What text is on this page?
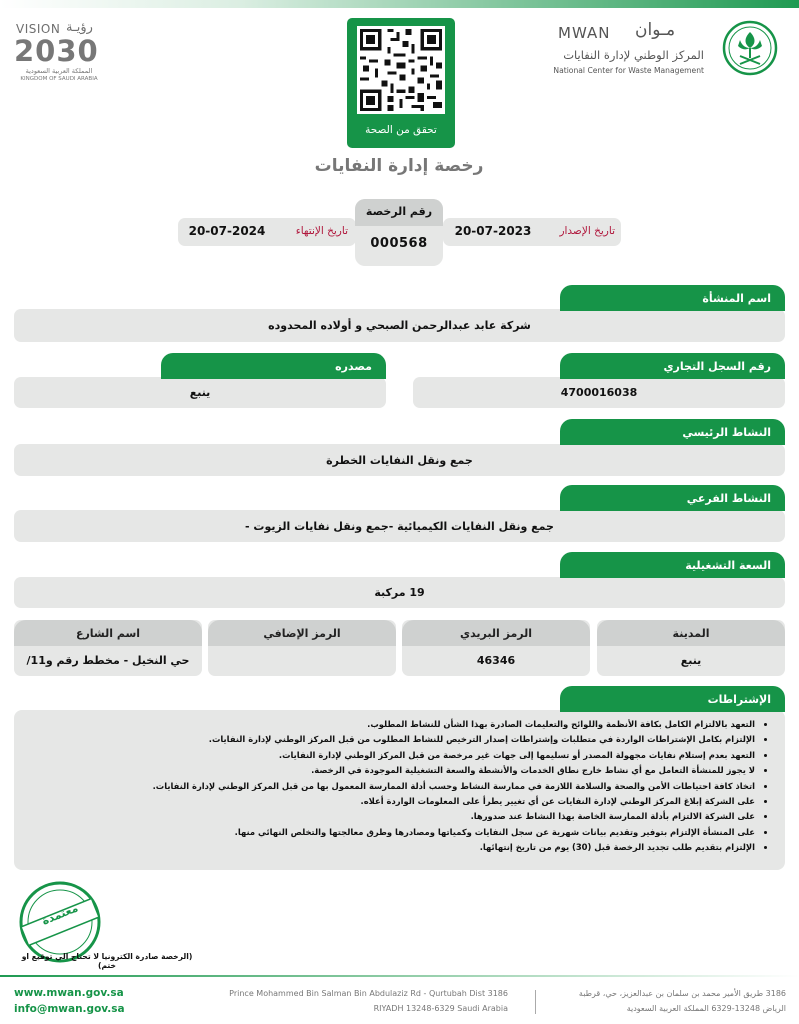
VISION رؤيـة
2030
المملكة العربية السعودية
KINGDOM OF SAUDI ARABIA
تحقق من الصحة
MWAN مـوان
المركز الوطني لإدارة النفايات
National Center for Waste Management
رخصة إدارة النفايات
تاريخ الإصدار
20-07-2023
تاريخ الإنتهاء
20-07-2024
رقم الرخصة
000568
شركة عابد عبدالرحمن الصبحي و أولاده المحدوده
اسم المنشأة
4700016038
رقم السجل التجاري
ينبع
مصدره
جمع ونقل النفايات الخطرة
النشاط الرئيسي
جمع ونقل النفايات الكيميائية -جمع ونقل نفايات الزيوت -
النشاط الفرعي
19 مركبة
السعة التشغيلية
ينبع
المدينة
46346
الرمز البريدي
الرمز الإضافي
حي النخيل - مخطط رقم و11/
اسم الشارع
• التعهد بالالتزام الكامل بكافة الأنظمة واللوائح والتعليمات الصادرة بهذا الشأن للنشاط المطلوب.
• الإلتزام بكامل الإشتراطات الواردة في متطلبات وإشتراطات إصدار الترخيص للنشاط المطلوب من قبل المركز الوطني لإدارة النفايات.
• التعهد بعدم إستلام نفايات مجهولة المصدر أو تسليمها إلى جهات غير مرخصة من قبل المركز الوطني لإدارة النفايات.
• لا يجوز للمنشأة التعامل مع أي نشاط خارج نطاق الخدمات والأنشطة والسعة التشغيلية الموجودة في الرخصة.
• اتخاذ كافة احتياطات الأمن والصحة والسلامة اللازمة في ممارسة النشاط وحسب أدلة الممارسة المعمول بها من قبل المركز الوطني لإدارة النفايات.
• على الشركة إبلاغ المركز الوطني لإدارة النفايات عن أي تغيير يطرأ على المعلومات الواردة أعلاه.
• على الشركة الالتزام بأدلة الممارسة الخاصة بهذا النشاط عند صدورها.
• على المنشأة الإلتزام بتوفير وتقديم بيانات شهرية عن سجل النفايات وكمياتها ومصادرها وطرق معالجتها والتخلص النهائي منها.
• الإلتزام بتقديم طلب تجديد الرخصة قبل (30) يوم من تاريخ إنتهائها.
الإشتراطات
معتمدة
(الرخصة صادرة الكترونيا لا تحتاج الي توقيع او ختم)
www.mwan.gov.sa
info@mwan.gov.sa
Prince Mohammed Bin Salman Bin Abdulaziz Rd - Qurtubah Dist 3186
RIYADH 13248-6329 Saudi Arabia
3186 طريق الأمير محمد بن سلمان بن عبدالعزيز، حي، قرطبة
الرياض 13248-6329 المملكة العربية السعودية
